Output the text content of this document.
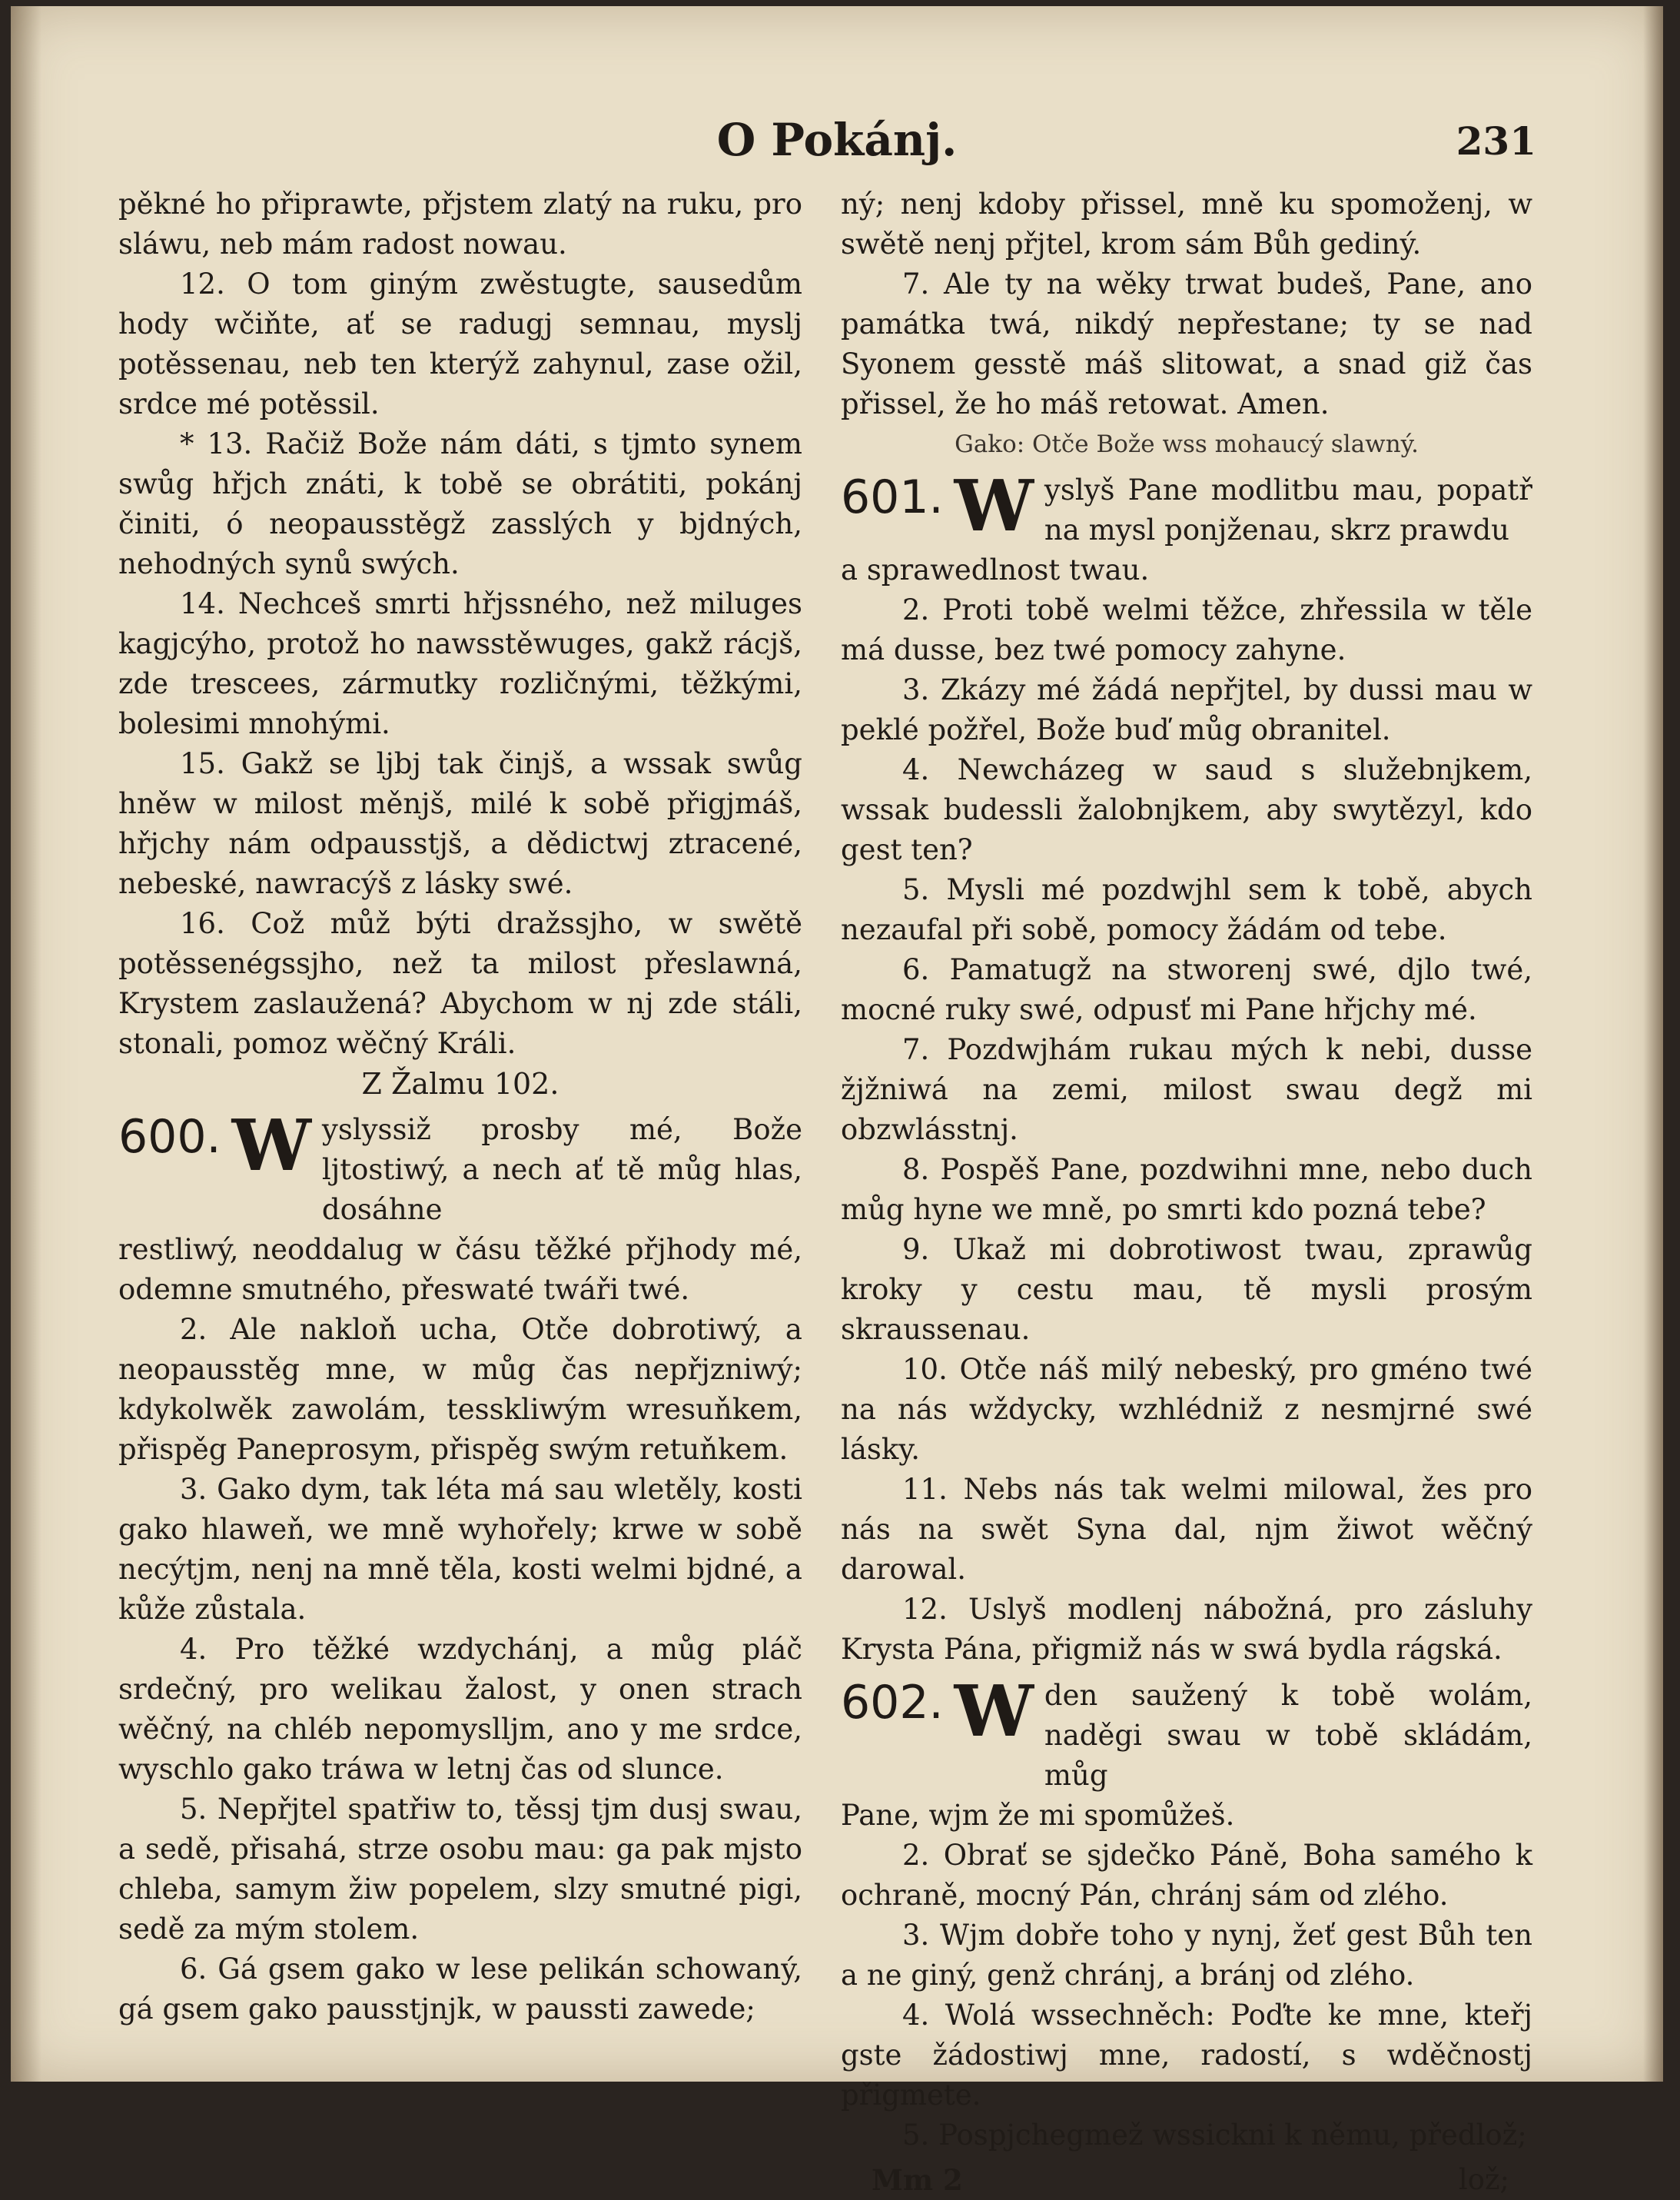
O Pokánj.	231

pěkné ho připrawte, přjstem zlatý na ruku, pro sláwu, neb mám radost nowau.

12. O tom giným zwěstugte, sausedům hody wčiňte, ať se radugj semnau, myslj potěssenau, neb ten kterýž zahynul, zase ožil, srdce mé potěssil.

* 13. Račiž Bože nám dáti, s tjmto synem swůg hřjch znáti, k tobě se obrátiti, pokánj činiti, ó neopausstěgž zasslých y bjdných, nehodných synů swých.

14. Nechceš smrti hřjssného, než miluges kagjcýho, protož ho nawsstěwuges, gakž rácjš, zde trescees, zármutky rozličnými, těžkými, bolesimi mnohými.

15. Gakž se ljbj tak činjš, a wssak swůg hněw w milost měnjš, milé k sobě přigjmáš, hřjchy nám odpausstjš, a dědictwj ztracené, nebeské, nawracýš z lásky swé.

16. Což můž býti dražssjho, w swětě potěssenégssjho, než ta milost přeslawná, Krystem zaslaužená? Abychom w nj zde stáli, stonali, pomoz wěčný Králi.

Z Žalmu 102.

600. W yslyssiž prosby mé, Bože ljtostiwý, a nech ať tě můg hlas, dosáhne

restliwý, neoddalug w čásu těžké přjhody mé, odemne smutného, přeswaté twáři twé.

2. Ale nakloň ucha, Otče dobrotiwý, a neopausstěg mne, w můg čas nepřjzniwý; kdykolwěk zawolám, tesskliwým wresuňkem, přispěg Paneprosym, přispěg swým retuňkem.

3. Gako dym, tak léta má sau wletěly, kosti gako hlaweň, we mně wyhořely; krwe w sobě necýtjm, nenj na mně těla, kosti welmi bjdné, a kůže zůstala.

4. Pro těžké wzdychánj, a můg pláč srdečný, pro welikau žalost, y onen strach wěčný, na chléb nepomyslljm, ano y me srdce, wyschlo gako tráwa w letnj čas od slunce.

5. Nepřjtel spatřiw to, těssj tjm dusj swau, a sedě, přisahá, strze osobu mau: ga pak mjsto chleba, samym žiw popelem, slzy smutné pigi, sedě za mým stolem.

6. Gá gsem gako w lese pelikán schowaný, gá gsem gako pausstjnjk, w paussti zawede;

ný; nenj kdoby přissel, mně ku spomoženj, w swětě nenj přjtel, krom sám Bůh gediný.

7. Ale ty na wěky trwat budeš, Pane, ano památka twá, nikdý nepřestane; ty se nad Syonem gesstě máš slitowat, a snad giž čas přissel, že ho máš retowat. Amen.

Gako: Otče Bože wss mohaucý slawný.

601. W yslyš Pane modlitbu mau, popatř na mysl ponjženau, skrz prawdu

a sprawedlnost twau.

2. Proti tobě welmi těžce, zhřessila w těle má dusse, bez twé pomocy zahyne.

3. Zkázy mé žádá nepřjtel, by dussi mau w peklé požřel, Bože buď můg obranitel.

4. Newcházeg w saud s služebnjkem, wssak budessli žalobnjkem, aby swytězyl, kdo gest ten?

5. Mysli mé pozdwjhl sem k tobě, abych nezaufal při sobě, pomocy žádám od tebe.

6. Pamatugž na stworenj swé, djlo twé, mocné ruky swé, odpusť mi Pane hřjchy mé.

7. Pozdwjhám rukau mých k nebi, dusse žjžniwá na zemi, milost swau degž mi obzwlásstnj.

8. Pospěš Pane, pozdwihni mne, nebo duch můg hyne we mně, po smrti kdo pozná tebe?

9. Ukaž mi dobrotiwost twau, zprawůg kroky y cestu mau, tě mysli prosým skraussenau.

10. Otče náš milý nebeský, pro gméno twé na nás wždycky, wzhlédniž z nesmjrné swé lásky.

11. Nebs nás tak welmi milowal, žes pro nás na swět Syna dal, njm žiwot wěčný darowal.

12. Uslyš modlenj nábožná, pro zásluhy Krysta Pána, přigmiž nás w swá bydla rágská.

602. W den saužený k tobě wolám, naděgi swau w tobě skládám, můg

Pane, wjm že mi spomůžeš.

2. Obrať se sjdečko Páně, Boha samého k ochraně, mocný Pán, chránj sám od zlého.

3. Wjm dobře toho y nynj, žeť gest Bůh ten a ne giný, genž chránj, a bránj od zlého.

4. Wolá wssechněch: Poďte ke mne, kteřj gste žádostiwj mne, radostí, s wděčnostj přigmete.

5. Pospjchegmež wssickni k němu, předlož;

Mm 2	lož;
